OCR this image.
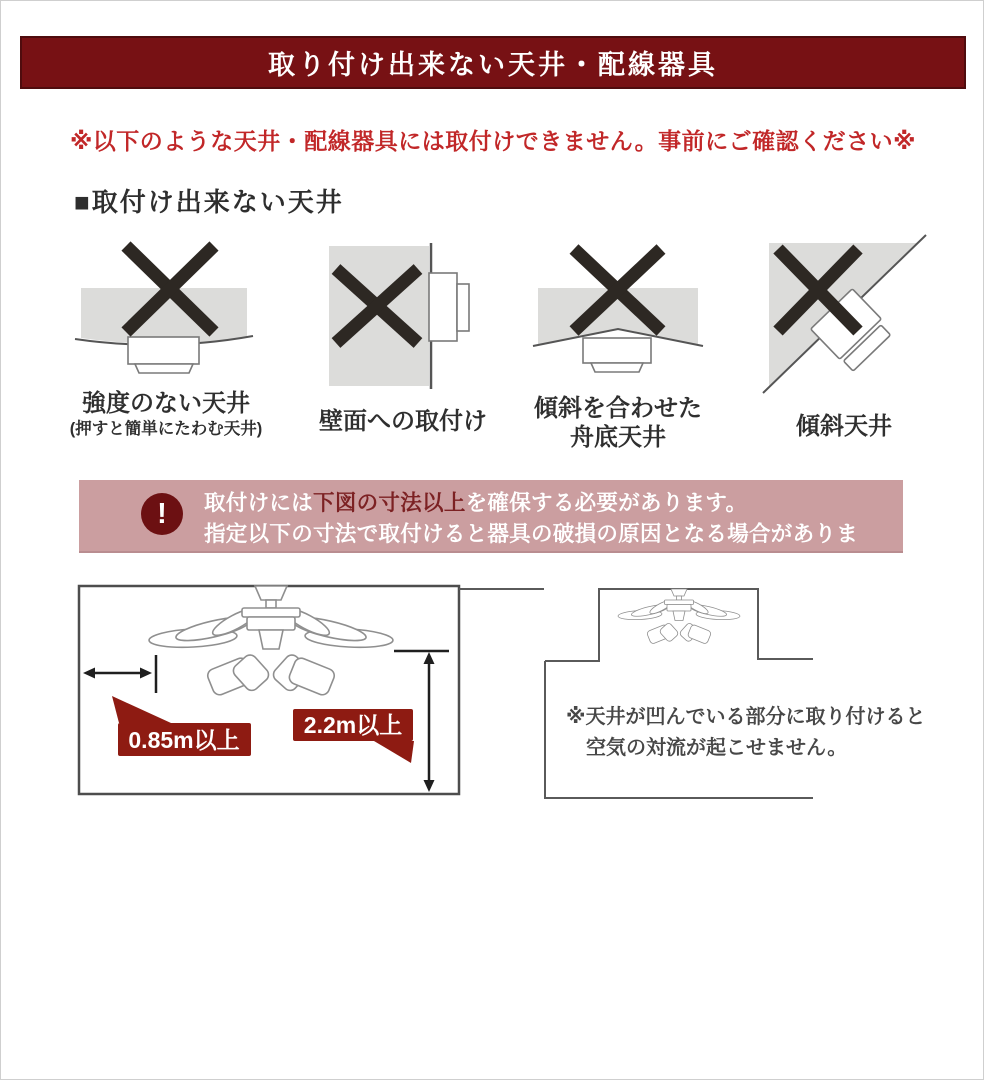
取り付け出来ない天井・配線器具
※以下のような天井・配線器具には取付けできません。事前にご確認ください※
■取付け出来ない天井
強度のない天井
(押すと簡単にたわむ天井)	壁面への取付け	傾斜を合わせた
舟底天井	傾斜天井
! 取付けには下図の寸法以上を確保する必要があります。
指定以下の寸法で取付けると器具の破損の原因となる場合があります。
0.85m以上
2.2m以上	※天井が凹んでいる部分に取り付けると
空気の対流が起こせません。
